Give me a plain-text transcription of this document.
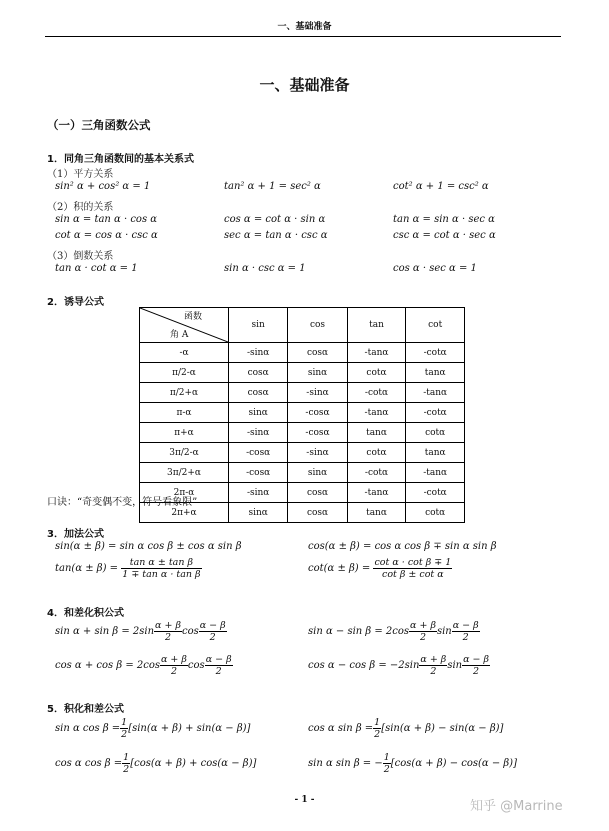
一、基础准备
一、基础准备
（一）三角函数公式
1．同角三角函数间的基本关系式
（1）平方关系
sin² α + cos² α = 1	tan² α + 1 = sec² α	cot² α + 1 = csc² α
（2）积的关系
sin α = tan α · cos α	cos α = cot α · sin α	tan α = sin α · sec α
cot α = cos α · csc α	sec α = tan α · csc α	csc α = cot α · sec α
（3）倒数关系
tan α · cot α = 1	sin α · csc α = 1	cos α · sec α = 1
2．诱导公式
函数
角 A	sin	cos	tan	cot
-α	-sinα	cosα	-tanα	-cotα
π/2-α	cosα	sinα	cotα	tanα
π/2+α	cosα	-sinα	-cotα	-tanα
π-α	sinα	-cosα	-tanα	-cotα
π+α	-sinα	-cosα	tanα	cotα
3π/2-α	-cosα	-sinα	cotα	tanα
3π/2+α	-cosα	sinα	-cotα	-tanα
2π-α	-sinα	cosα	-tanα	-cotα
2π+α	sinα	cosα	tanα	cotα
口诀：“奇变偶不变，符号看象限”
3．加法公式
sin(α ± β) = sin α cos β ± cos α sin β	cos(α ± β) = cos α cos β ∓ sin α sin β
$\tan(\alpha \pm \beta) = \frac{\text{tan α ± tan β}}{\text{1 ∓ tan α · tan β}}$	$\cot(\alpha \pm \beta) = \frac{\text{cot α · cot β ∓ 1}}{\text{cot β ± cot α}}$
4．和差化积公式
$\sin \alpha + \sin \beta = 2\sin \frac{\alpha + \beta}{2}$ $\cos \frac{\alpha - \beta}{2}$	$\sin \alpha - \sin \beta = 2\cos \frac{\alpha + \beta}{2}$ $\sin \frac{\alpha - \beta}{2}$
$\cos \alpha + \cos \beta = 2\cos \frac{\alpha + \beta}{2}$ $\cos \frac{\alpha - \beta}{2}$	$\cos \alpha - \cos \beta = -2\sin \frac{\alpha + \beta}{2}$ $\sin \frac{\alpha - \beta}{2}$
5．积化和差公式
sin α $\cos \beta = \frac{1}{2} [\sin(\alpha + \beta) + \sin(\alpha - \beta)]$	cos α $\sin \beta = \frac{1}{2} [\sin(\alpha + \beta) - \sin(\alpha - \beta)]$
cos α $\cos \beta = \frac{1}{2} [\cos(\alpha + \beta) + \cos(\alpha - \beta)]$	sin α sin β = − $\frac{1}{2} [\cos(\alpha + \beta) - \cos(\alpha - \beta)]$
- 1 -	知乎 @Marrine
